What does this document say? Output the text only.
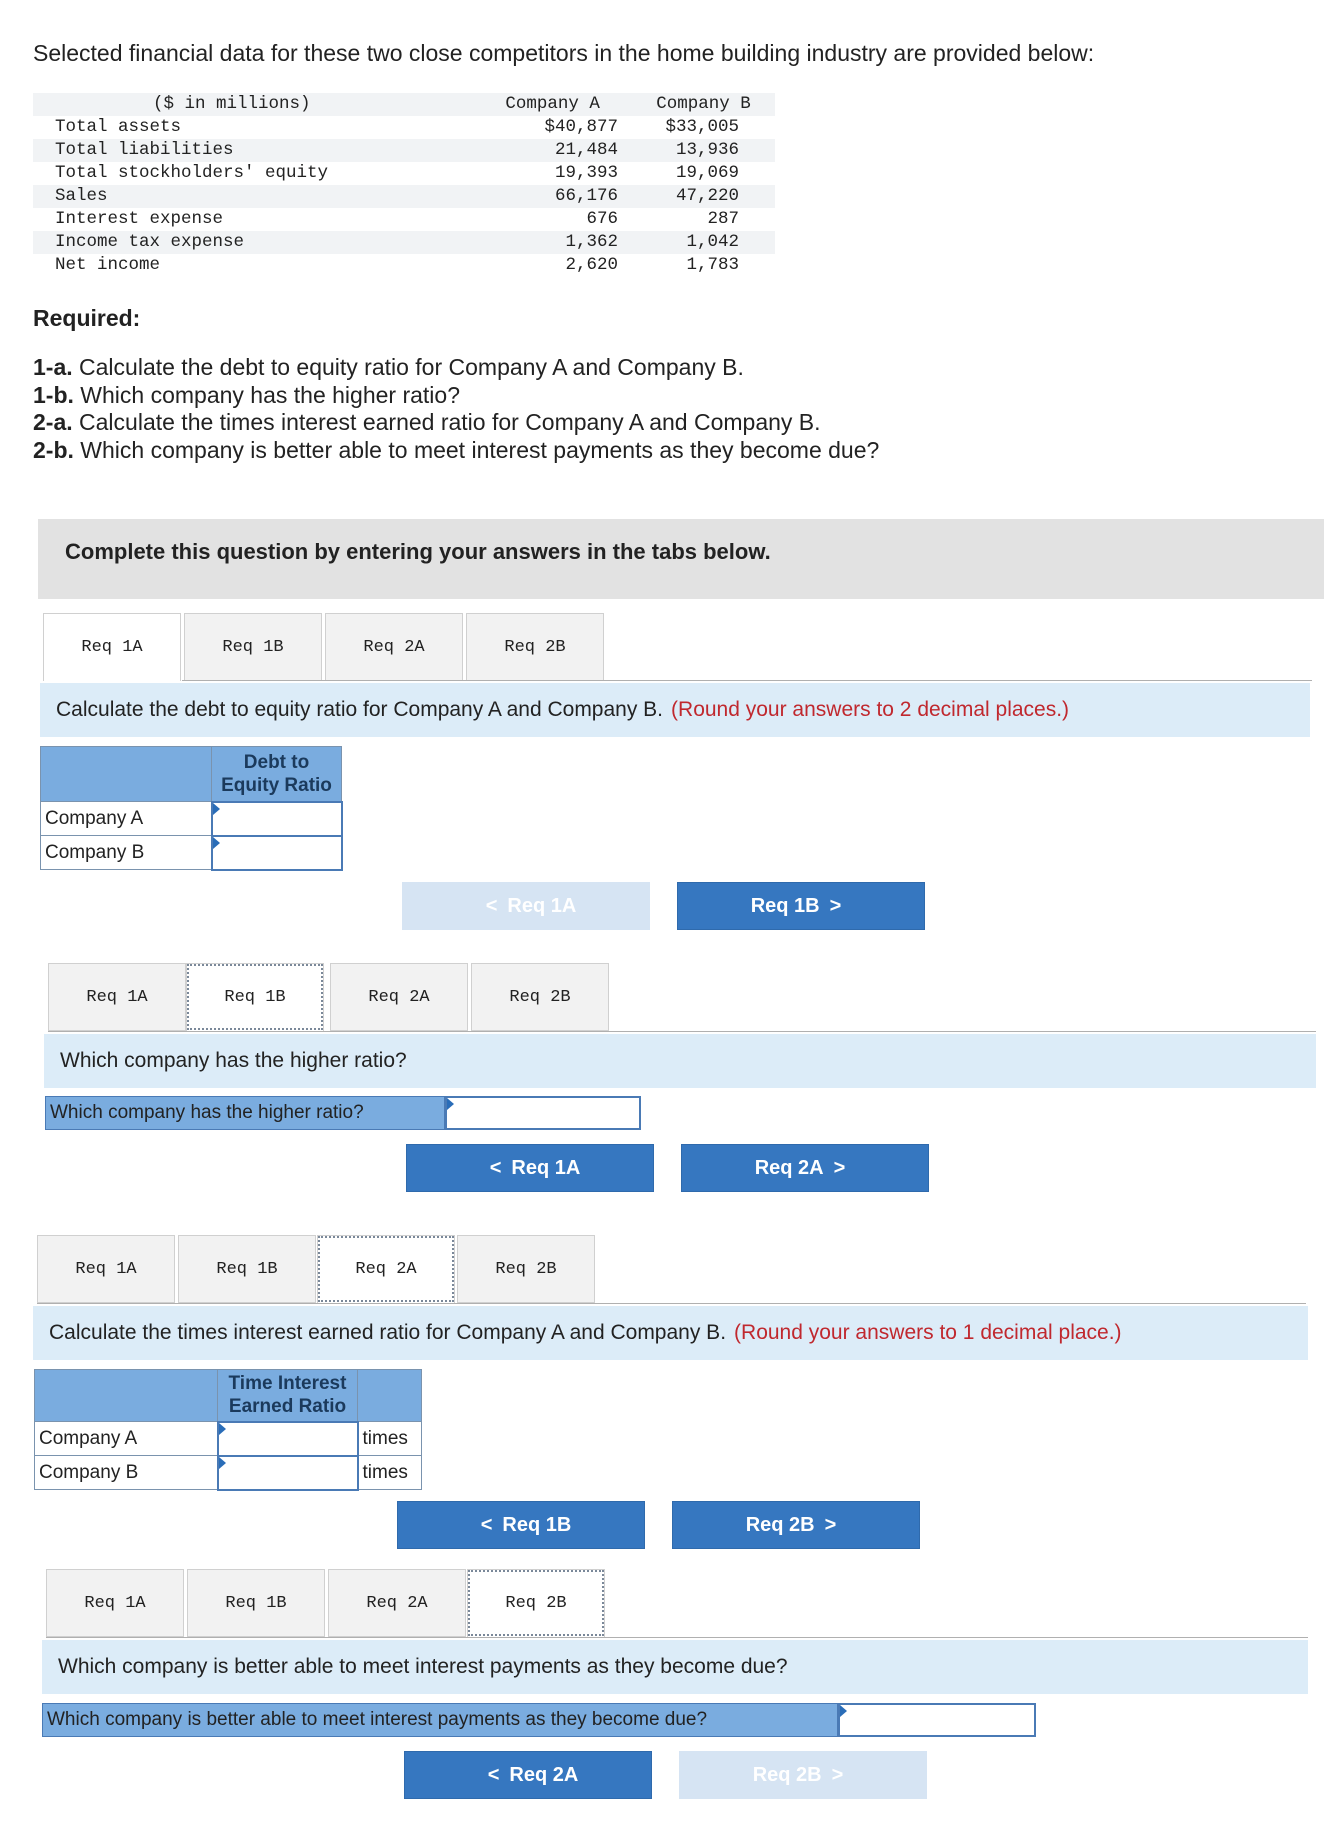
Selected financial data for these two close competitors in the home building industry are provided below:
($ in millions)	Company A	Company B
Total assets	$40,877	$33,005
Total liabilities	21,484	13,936
Total stockholders' equity	19,393	19,069
Sales	66,176	47,220
Interest expense	676	287
Income tax expense	1,362	1,042
Net income	2,620	1,783
Required:
1-a. Calculate the debt to equity ratio for Company A and Company B.
1-b. Which company has the higher ratio?
2-a. Calculate the times interest earned ratio for Company A and Company B.
2-b. Which company is better able to meet interest payments as they become due?
Complete this question by entering your answers in the tabs below.
Req 1A	Req 1B	Req 2A	Req 2B
Calculate the debt to equity ratio for Company A and Company B. (Round your answers to 2 decimal places.)

	Debt to
Equity Ratio

Company A	
Company B	
< Req 1A	Req 1B >
Req 1A	Req 1B	Req 2A	Req 2B
Which company has the higher ratio?
Which company has the higher ratio?
< Req 1A	Req 2A >
Req 1A	Req 1B	Req 2A	Req 2B
Calculate the times interest earned ratio for Company A and Company B. (Round your answers to 1 decimal place.)

	Time Interest
Earned Ratio	

Company A		times
Company B		times
< Req 1B	Req 2B >
Req 1A	Req 1B	Req 2A	Req 2B
Which company is better able to meet interest payments as they become due?
Which company is better able to meet interest payments as they become due?
< Req 2A	Req 2B >
